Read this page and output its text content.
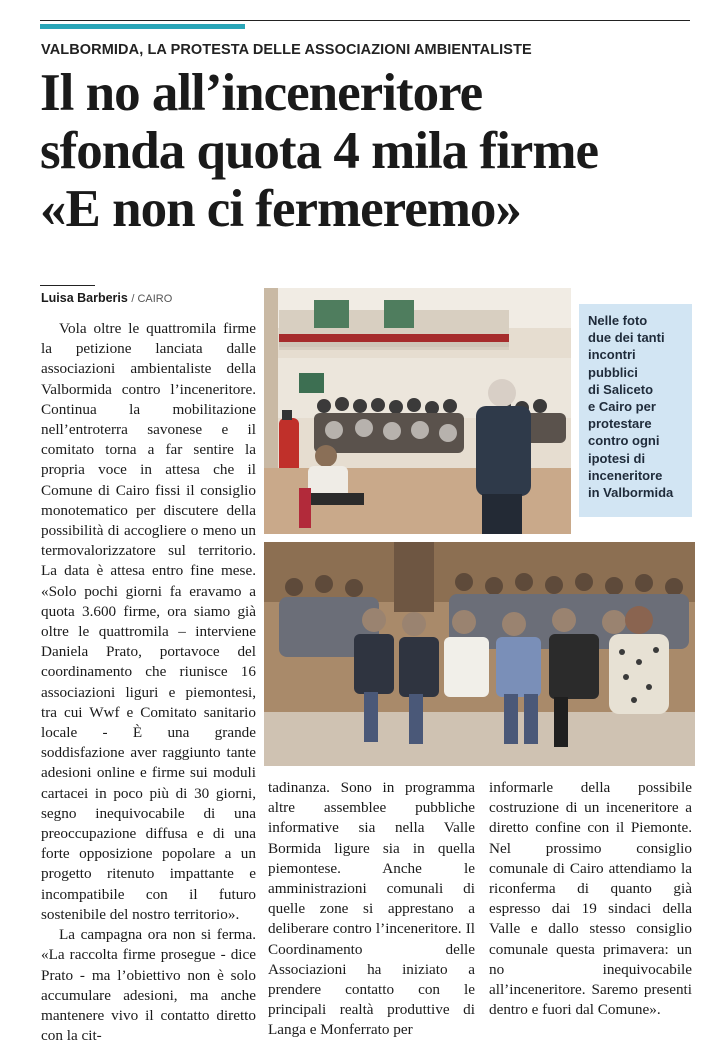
VALBORMIDA, LA PROTESTA DELLE ASSOCIAZIONI AMBIENTALISTE
Il no all’inceneritore
sfonda quota 4 mila firme
«E non ci fermeremo»
Luisa Barberis / CAIRO

Vola oltre le quattromila firme la petizione lanciata dalle associazioni ambientaliste della Valbormida contro l’inceneritore. Continua la mobilitazione nell’entroterra savonese e il comitato torna a far sentire la propria voce in attesa che il Comune di Cairo fissi il consiglio monotematico per discutere della possibilità di accogliere o meno un termovalorizzatore sul territorio. La data è attesa entro fine mese. «Solo pochi giorni fa eravamo a quota 3.600 firme, ora siamo già oltre le quattromila – interviene Daniela Prato, portavoce del coordinamento che riunisce 16 associazioni liguri e piemontesi, tra cui Wwf e Comitato sanitario locale - È una grande soddisfazione aver raggiunto tante adesioni online e firme sui moduli cartacei in poco più di 30 giorni, segno inequivocabile di una preoccupazione diffusa e di una forte opposizione popolare a un progetto ritenuto impattante e incompatibile con il futuro sostenibile del nostro territorio».

La campagna ora non si ferma. «La raccolta firme prosegue - dice Prato - ma l’obiettivo non è solo accumulare adesioni, ma anche mantenere vivo il contatto diretto con la cit-

Nelle foto
due dei tanti
incontri
pubblici
di Saliceto
e Cairo per
protestare
contro ogni
ipotesi di
inceneritore
in Valbormida

tadinanza. Sono in programma altre assemblee pubbliche informative sia nella Valle Bormida ligure sia in quella piemontese. Anche le amministrazioni comunali di quelle zone si apprestano a deliberare contro l’inceneritore. Il Coordinamento delle Associazioni ha iniziato a prendere contatto con le principali realtà produttive di Langa e Monferrato per

informarle della possibile costruzione di un inceneritore a diretto confine con il Piemonte. Nel prossimo consiglio comunale di Cairo attendiamo la riconferma di quanto già espresso dai 19 sindaci della Valle e dallo stesso consiglio comunale questa primavera: un no inequivocabile all’inceneritore. Saremo presenti dentro e fuori dal Comune».
